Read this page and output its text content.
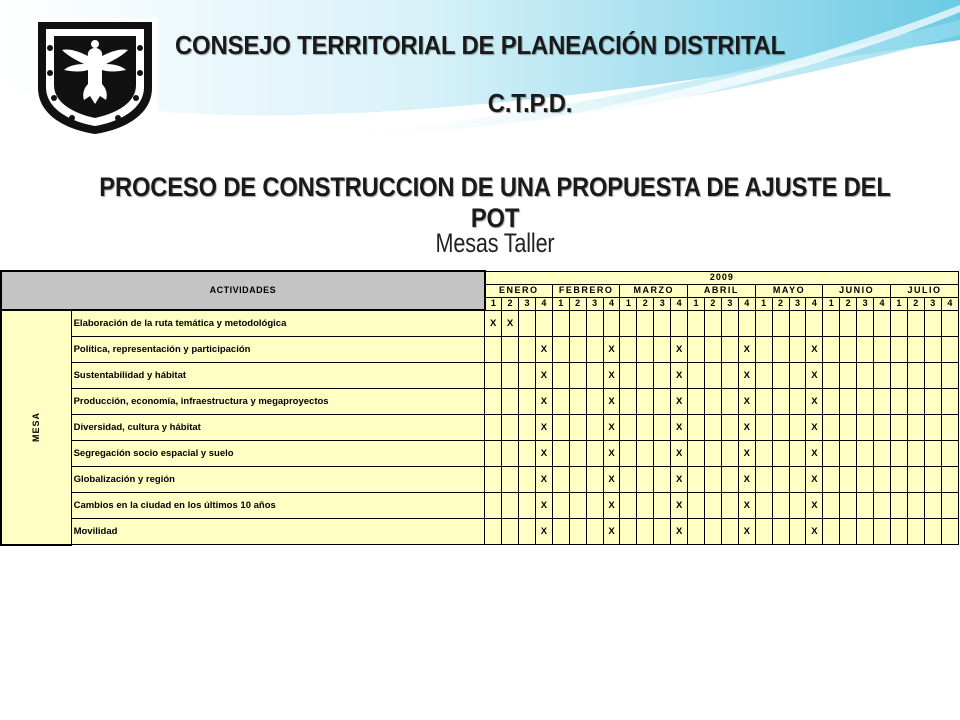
CONSEJO TERRITORIAL DE PLANEACIÓN DISTRITAL
C.T.P.D.
PROCESO DE CONSTRUCCION DE UNA PROPUESTA DE AJUSTE DEL POT
Mesas Taller
ACTIVIDADES		2009																											
		ENERO				FEBRERO				MARZO				ABRIL				MAYO				JUNIO				JULIO			
		1	2	3	4	1	2	3	4	1	2	3	4	1	2	3	4	1	2	3	4	1	2	3	4	1	2	3	4
MESA	Elaboración de la ruta temática y metodológica	X	X																										
	Política, representación y participación				X				X				X				X				X								
	Sustentabilidad y hábitat				X				X				X				X				X								
	Producción, economía, infraestructura y megaproyectos				X				X				X				X				X								
	Diversidad, cultura y hábitat				X				X				X				X				X								
	Segregación socio espacial y suelo				X				X				X				X				X								
	Globalización y región				X				X				X				X				X								
	Cambios en la ciudad en los últimos 10 años				X				X				X				X				X								
	Movilidad				X				X				X				X				X								
